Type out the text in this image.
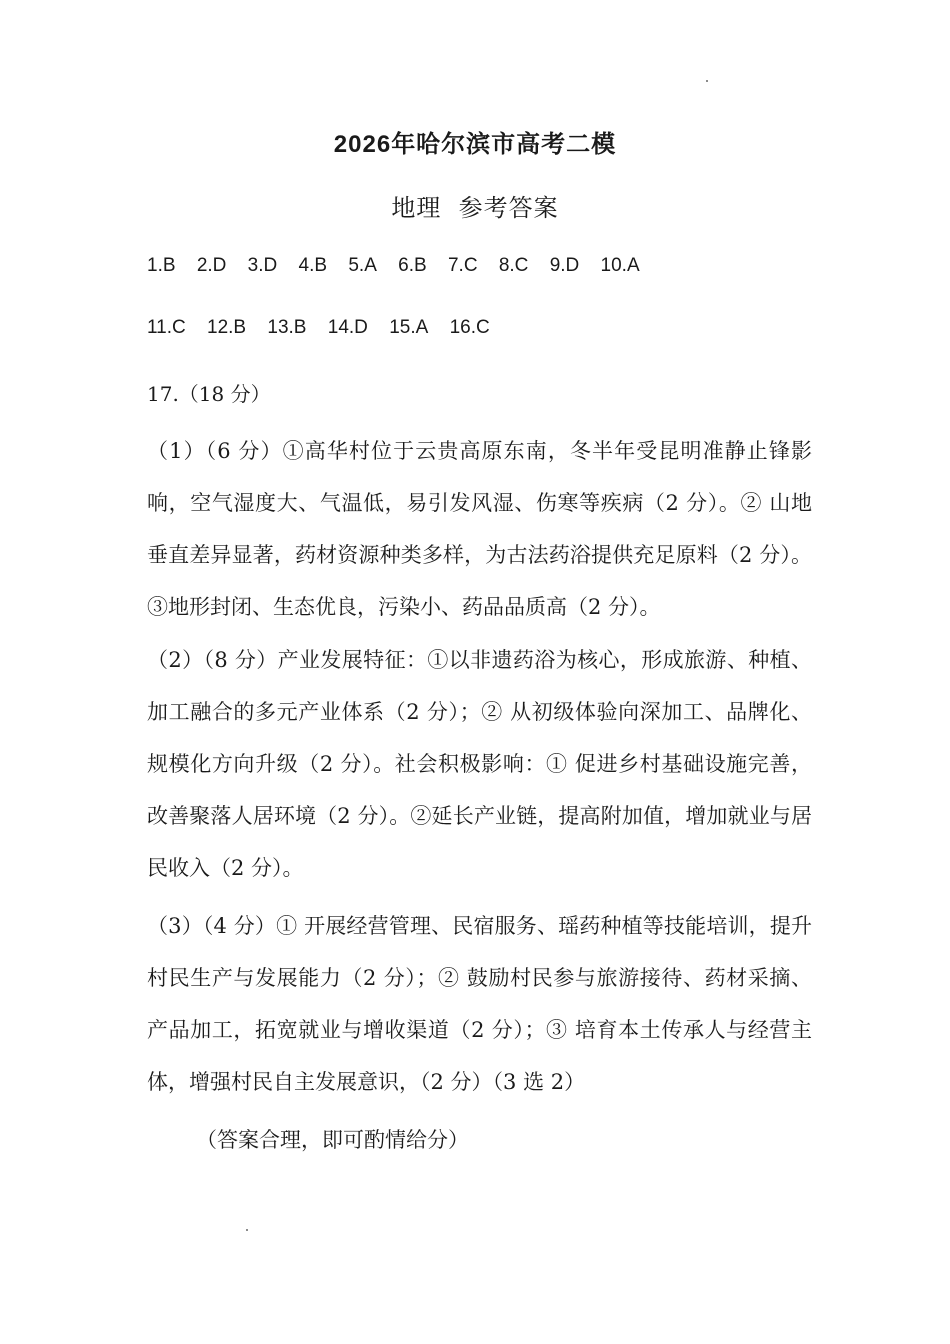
2026年哈尔滨市高考二模
地理  参考答案
1.B 2.D 3.D 4.B 5.A 6.B 7.C 8.C 9.D 10.A
11.C 12.B 13.B 14.D 15.A 16.C
17.（18 分）
（1）（6 分）①高华村位于云贵高原东南，冬半年受昆明准静止锋影响，空气湿度大、气温低，易引发风湿、伤寒等疾病（2 分）。② 山地垂直差异显著，药材资源种类多样，为古法药浴提供充足原料（2 分）。③地形封闭、生态优良，污染小、药品品质高（2 分）。
（2）（8 分）产业发展特征：①以非遗药浴为核心，形成旅游、种植、加工融合的多元产业体系（2 分）；② 从初级体验向深加工、品牌化、规模化方向升级（2 分）。社会积极影响：① 促进乡村基础设施完善，改善聚落人居环境（2 分）。②延长产业链，提高附加值，增加就业与居民收入（2 分）。
（3）（4 分）① 开展经营管理、民宿服务、瑶药种植等技能培训，提升村民生产与发展能力（2 分）；② 鼓励村民参与旅游接待、药材采摘、产品加工，拓宽就业与增收渠道（2 分）；③ 培育本土传承人与经营主体，增强村民自主发展意识，（2 分）（3 选 2）
（答案合理，即可酌情给分）
